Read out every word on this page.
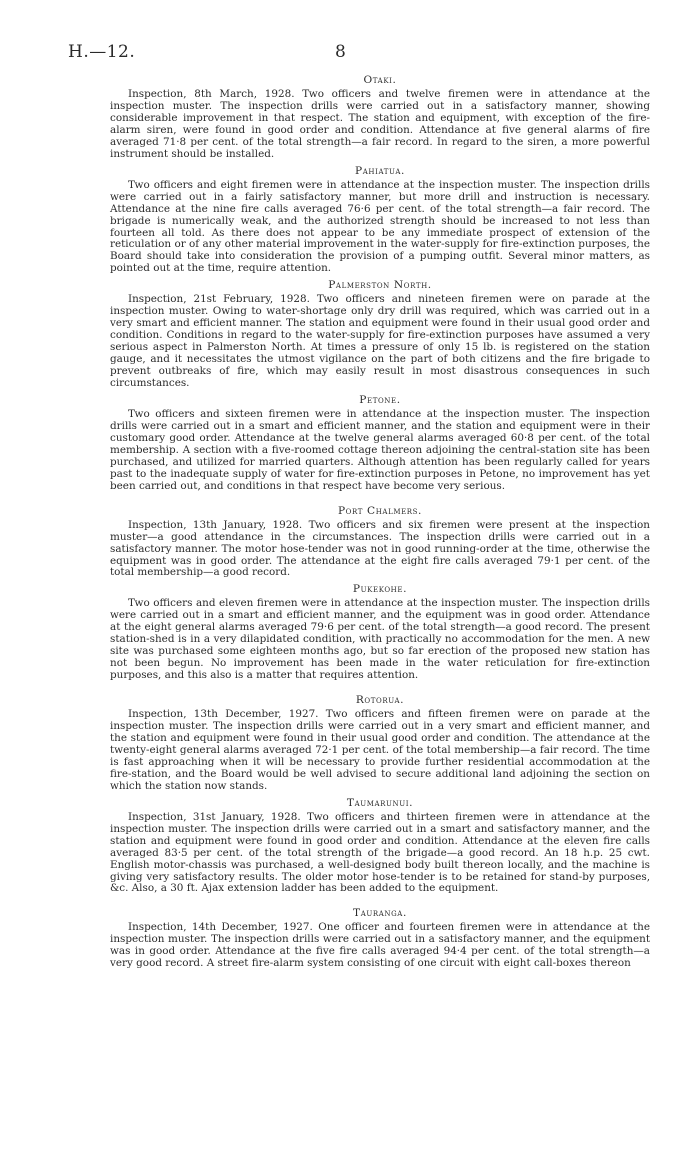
H.—12.	8

Otaki.

Inspection, 8th March, 1928. Two officers and twelve firemen were in attendance at the inspection muster. The inspection drills were carried out in a satisfactory manner, showing considerable improvement in that respect. The station and equipment, with exception of the fire-alarm siren, were found in good order and condition. Attendance at five general alarms of fire averaged 71·8 per cent. of the total strength—a fair record. In regard to the siren, a more powerful instrument should be installed.

Pahiatua.

Two officers and eight firemen were in attendance at the inspection muster. The inspection drills were carried out in a fairly satisfactory manner, but more drill and instruction is necessary. Attendance at the nine fire calls averaged 76·6 per cent. of the total strength—a fair record. The brigade is numerically weak, and the authorized strength should be increased to not less than fourteen all told. As there does not appear to be any immediate prospect of extension of the reticulation or of any other material improvement in the water-supply for fire-extinction purposes, the Board should take into consideration the provision of a pumping outfit. Several minor matters, as pointed out at the time, require attention.

Palmerston North.

Inspection, 21st February, 1928. Two officers and nineteen firemen were on parade at the inspection muster. Owing to water-shortage only dry drill was required, which was carried out in a very smart and efficient manner. The station and equipment were found in their usual good order and condition. Conditions in regard to the water-supply for fire-extinction purposes have assumed a very serious aspect in Palmerston North. At times a pressure of only 15 lb. is registered on the station gauge, and it necessitates the utmost vigilance on the part of both citizens and the fire brigade to prevent outbreaks of fire, which may easily result in most disastrous consequences in such circumstances.

Petone.

Two officers and sixteen firemen were in attendance at the inspection muster. The inspection drills were carried out in a smart and efficient manner, and the station and equipment were in their customary good order. Attendance at the twelve general alarms averaged 60·8 per cent. of the total membership. A section with a five-roomed cottage thereon adjoining the central-station site has been purchased, and utilized for married quarters. Although attention has been regularly called for years past to the inadequate supply of water for fire-extinction purposes in Petone, no improvement has yet been carried out, and conditions in that respect have become very serious.

Port Chalmers.

Inspection, 13th January, 1928. Two officers and six firemen were present at the inspection muster—a good attendance in the circumstances. The inspection drills were carried out in a satisfactory manner. The motor hose-tender was not in good running-order at the time, otherwise the equipment was in good order. The attendance at the eight fire calls averaged 79·1 per cent. of the total membership—a good record.

Pukekohe.

Two officers and eleven firemen were in attendance at the inspection muster. The inspection drills were carried out in a smart and efficient manner, and the equipment was in good order. Attendance at the eight general alarms averaged 79·6 per cent. of the total strength—a good record. The present station-shed is in a very dilapidated condition, with practically no accommodation for the men. A new site was purchased some eighteen months ago, but so far erection of the proposed new station has not been begun. No improvement has been made in the water reticulation for fire-extinction purposes, and this also is a matter that requires attention.

Rotorua.

Inspection, 13th December, 1927. Two officers and fifteen firemen were on parade at the inspection muster. The inspection drills were carried out in a very smart and efficient manner, and the station and equipment were found in their usual good order and condition. The attendance at the twenty-eight general alarms averaged 72·1 per cent. of the total membership—a fair record. The time is fast approaching when it will be necessary to provide further residential accommodation at the fire-station, and the Board would be well advised to secure additional land adjoining the section on which the station now stands.

Taumarunui.

Inspection, 31st January, 1928. Two officers and thirteen firemen were in attendance at the inspection muster. The inspection drills were carried out in a smart and satisfactory manner, and the station and equipment were found in good order and condition. Attendance at the eleven fire calls averaged 83·5 per cent. of the total strength of the brigade—a good record. An 18 h.p. 25 cwt. English motor-chassis was purchased, a well-designed body built thereon locally, and the machine is giving very satisfactory results. The older motor hose-tender is to be retained for stand-by purposes, &c. Also, a 30 ft. Ajax extension ladder has been added to the equipment.

Tauranga.

Inspection, 14th December, 1927. One officer and fourteen firemen were in attendance at the inspection muster. The inspection drills were carried out in a satisfactory manner, and the equipment was in good order. Attendance at the five fire calls averaged 94·4 per cent. of the total strength—a very good record. A street fire-alarm system consisting of one circuit with eight call-boxes thereon
